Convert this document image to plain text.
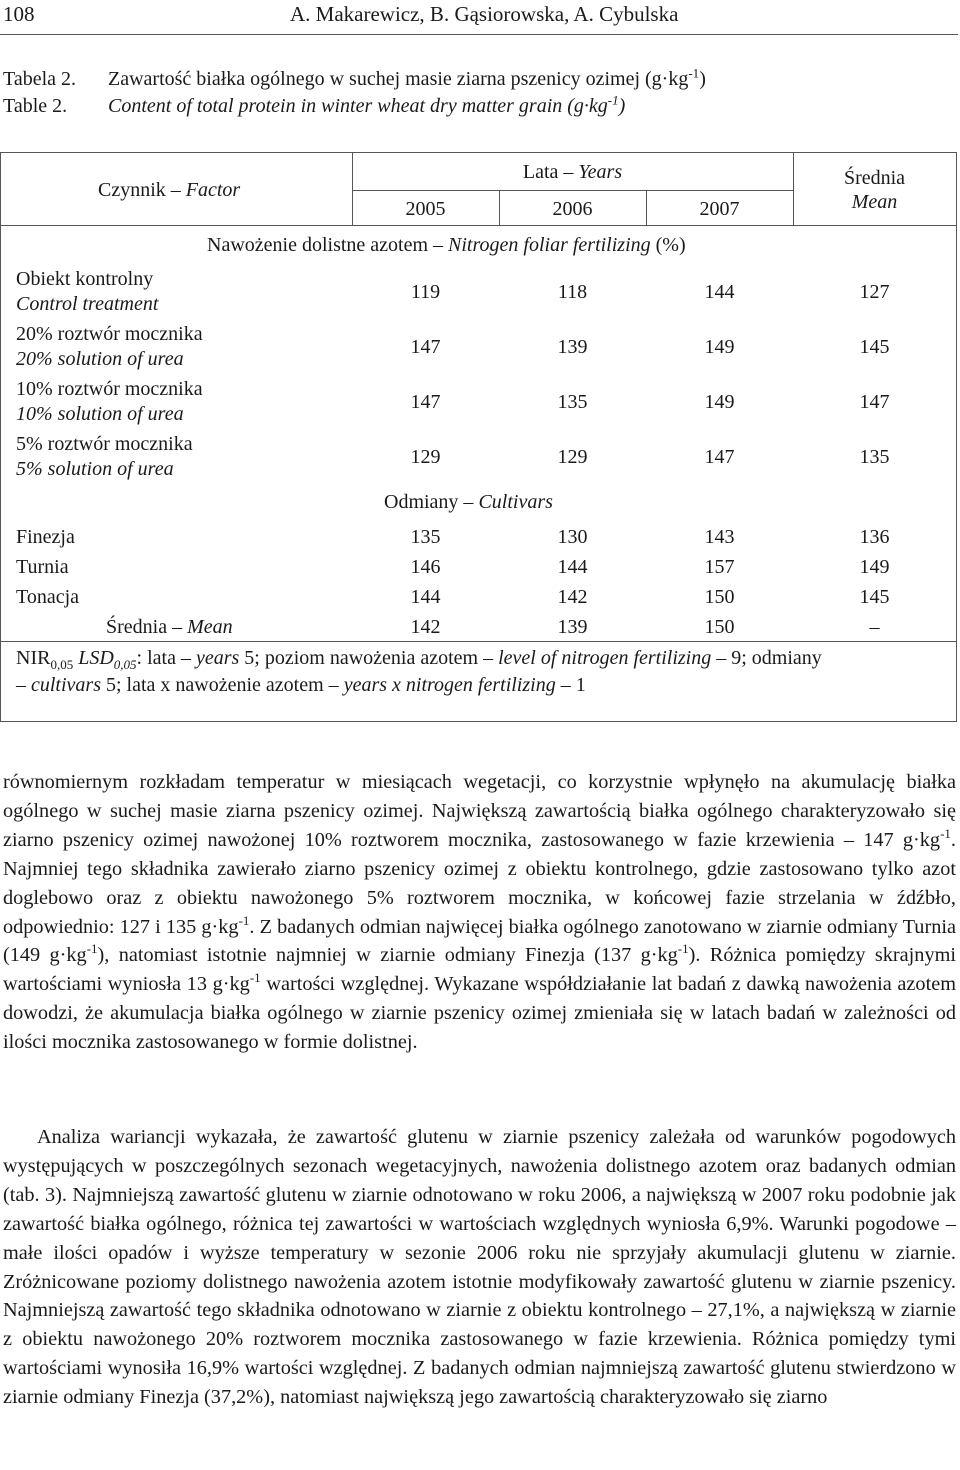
108	A. Makarewicz, B. Gąsiorowska, A. Cybulska
Tabela 2. Zawartość białka ogólnego w suchej masie ziarna pszenicy ozimej $(g\cdot kg^{-1})$
Table 2. Content of total protein in winter wheat dry matter grain $(g\cdot kg^{-1})$
Czynnik – Factor
Lata – Years
2005	2006	2007
Średnia
Mean
Nawożenie dolistne azotem – Nitrogen foliar fertilizing (%)
Obiekt kontrolny
Control treatment
119	118	144	127
20% roztwór mocznika
20% solution of urea
147	139	149	145
10% roztwór mocznika
10% solution of urea
147	135	149	147
5% roztwór mocznika
5% solution of urea
129	129	147	135
Odmiany – Cultivars
Finezja	135	130	143	136
Turnia	146	144	157	149
Tonacja	144	142	150	145
Średnia – Mean	142	139	150	–
$NIR_{0,05}$ $LSD_{0,05}$: lata – years 5; poziom nawożenia azotem – level of nitrogen fertilizing – 9; odmiany
– cultivars 5; lata x nawożenie azotem – years x nitrogen fertilizing – 1
równomiernym rozkładam temperatur w miesiącach wegetacji, co korzystnie wpłynęło na akumulację białka ogólnego w suchej masie ziarna pszenicy ozimej. Największą zawartością białka ogólnego charakteryzowało się ziarno pszenicy ozimej nawożonej 10% roztworem mocznika, zastosowanego w fazie krzewienia – 147 $g\cdot kg^{-1}$. Najmniej tego składnika zawierało ziarno pszenicy ozimej z obiektu kontrolnego, gdzie zastosowano tylko azot doglebowo oraz z obiektu nawożonego 5% roztworem mocznika, w końcowej fazie strzelania w źdźbło, odpowiednio: 127 i 135 $g\cdot kg^{-1}$. Z badanych odmian najwięcej białka ogólnego zanotowano w ziarnie odmiany Turnia (149 $g\cdot kg^{-1}$), natomiast istotnie najmniej w ziarnie odmiany Finezja (137 $g\cdot kg^{-1}$). Różnica pomiędzy skrajnymi wartościami wyniosła 13 $g\cdot kg^{-1}$ wartości względnej. Wykazane współdziałanie lat badań z dawką nawożenia azotem dowodzi, że akumulacja białka ogólnego w ziarnie pszenicy ozimej zmieniała się w latach badań w zależności od ilości mocznika zastosowanego w formie dolistnej.
Analiza wariancji wykazała, że zawartość glutenu w ziarnie pszenicy zależała od warunków pogodowych występujących w poszczególnych sezonach wegetacyjnych, nawożenia dolistnego azotem oraz badanych odmian (tab. 3). Najmniejszą zawartość glutenu w ziarnie odnotowano w roku 2006, a największą w 2007 roku podobnie jak zawartość białka ogólnego, różnica tej zawartości w wartościach względnych wyniosła 6,9%. Warunki pogodowe – małe ilości opadów i wyższe temperatury w sezonie 2006 roku nie sprzyjały akumulacji glutenu w ziarnie. Zróżnicowane poziomy dolistnego nawożenia azotem istotnie modyfikowały zawartość glutenu w ziarnie pszenicy. Najmniejszą zawartość tego składnika odnotowano w ziarnie z obiektu kontrolnego – 27,1%, a największą w ziarnie z obiektu nawożonego 20% roztworem mocznika zastosowanego w fazie krzewienia. Różnica pomiędzy tymi wartościami wynosiła 16,9% wartości względnej. Z badanych odmian najmniejszą zawartość glutenu stwierdzono w ziarnie odmiany Finezja (37,2%), natomiast największą jego zawartością charakteryzowało się ziarno
